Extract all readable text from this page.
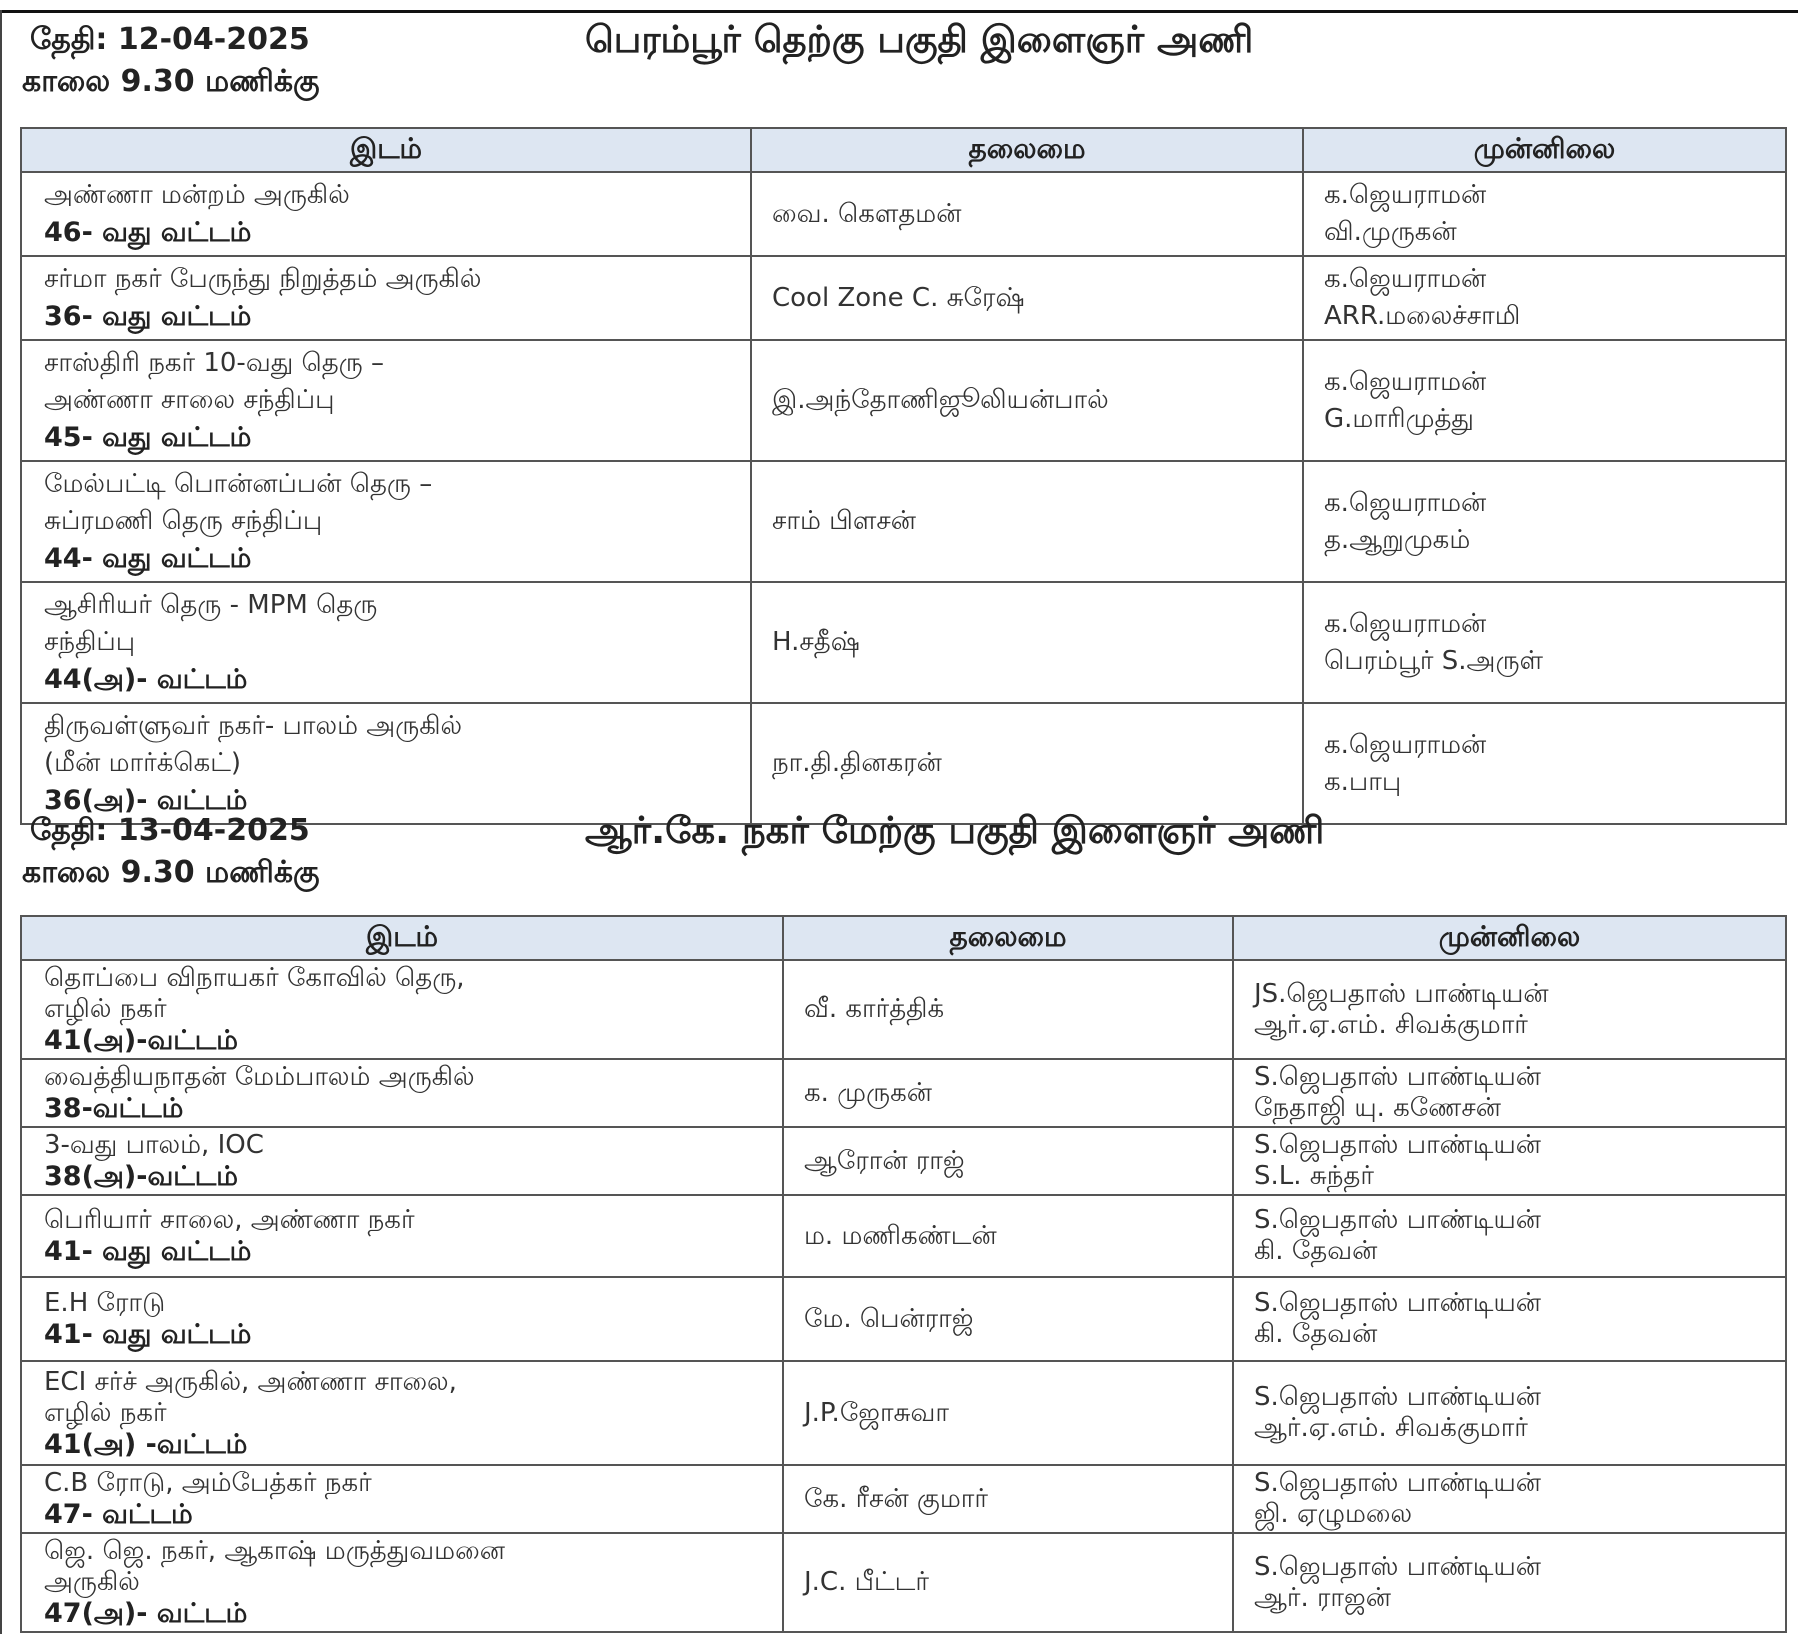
தேதி: 12-04-2025
காலை 9.30 மணிக்கு
பெரம்பூர் தெற்கு பகுதி இளைஞர் அணி
இடம்	தலைமை	முன்னிலை

அண்ணா மன்றம் அருகில்
46- வது வட்டம்	வை. கௌதமன்	க.ஜெயராமன்
வி.முருகன்

சர்மா நகர் பேருந்து நிறுத்தம் அருகில்
36- வது வட்டம்	Cool Zone C. சுரேஷ்	க.ஜெயராமன்
ARR.மலைச்சாமி

சாஸ்திரி நகர் 10-வது தெரு –
அண்ணா சாலை சந்திப்பு
45- வது வட்டம்	இ.அந்தோணிஜூலியன்பால்	க.ஜெயராமன்
G.மாரிமுத்து

மேல்பட்டி பொன்னப்பன் தெரு –
சுப்ரமணி தெரு சந்திப்பு
44- வது வட்டம்	சாம் பிளசன்	க.ஜெயராமன்
த.ஆறுமுகம்

ஆசிரியர் தெரு - MPM தெரு
சந்திப்பு
44(அ)- வட்டம்	H.சதீஷ்	க.ஜெயராமன்
பெரம்பூர் S.அருள்

திருவள்ளுவர் நகர்- பாலம் அருகில்
(மீன் மார்க்கெட்)
36(அ)- வட்டம்	நா.தி.தினகரன்	க.ஜெயராமன்
க.பாபு
தேதி: 13-04-2025
காலை 9.30 மணிக்கு
ஆர்.கே. நகர் மேற்கு பகுதி இளைஞர் அணி
இடம்	தலைமை	முன்னிலை

தொப்பை விநாயகர் கோவில் தெரு,
எழில் நகர்
41(அ)-வட்டம்	வீ. கார்த்திக்	JS.ஜெபதாஸ் பாண்டியன்
ஆர்.ஏ.எம். சிவக்குமார்

வைத்தியநாதன் மேம்பாலம் அருகில்
38-வட்டம்	க. முருகன்	S.ஜெபதாஸ் பாண்டியன்
நேதாஜி யு. கணேசன்

3-வது பாலம், IOC
38(அ)-வட்டம்	ஆரோன் ராஜ்	S.ஜெபதாஸ் பாண்டியன்
S.L. சுந்தர்

பெரியார் சாலை, அண்ணா நகர்
41- வது வட்டம்	ம. மணிகண்டன்	S.ஜெபதாஸ் பாண்டியன்
கி. தேவன்

E.H ரோடு
41- வது வட்டம்	மே. பென்ராஜ்	S.ஜெபதாஸ் பாண்டியன்
கி. தேவன்

ECI சர்ச் அருகில், அண்ணா சாலை,
எழில் நகர்
41(அ) -வட்டம்	J.P.ஜோசுவா	S.ஜெபதாஸ் பாண்டியன்
ஆர்.ஏ.எம். சிவக்குமார்

C.B ரோடு, அம்பேத்கர் நகர்
47- வட்டம்	கே. ரீசன் குமார்	S.ஜெபதாஸ் பாண்டியன்
ஜி. ஏழுமலை

ஜெ. ஜெ. நகர், ஆகாஷ் மருத்துவமனை
அருகில்
47(அ)- வட்டம்	J.C. பீட்டர்	S.ஜெபதாஸ் பாண்டியன்
ஆர். ராஜன்
